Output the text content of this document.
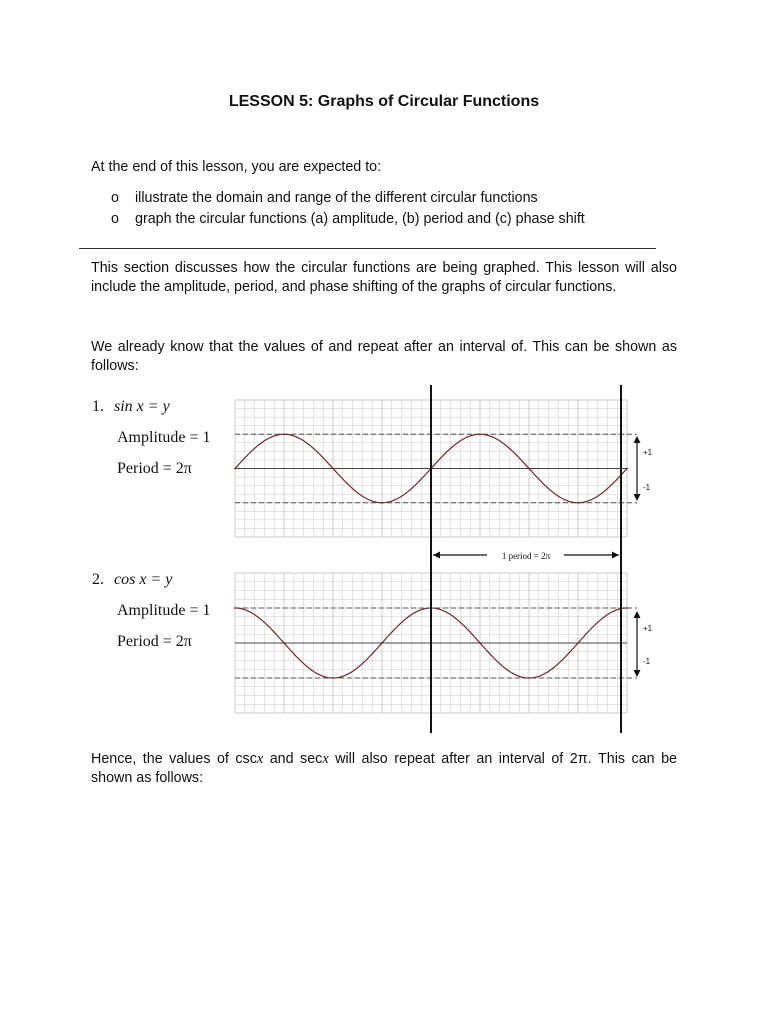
LESSON 5: Graphs of Circular Functions
At the end of this lesson, you are expected to:
o	illustrate the domain and range of the different circular functions
o	graph the circular functions (a) amplitude, (b) period and (c) phase shift
This section discusses how the circular functions are being graphed. This lesson will also include the amplitude, period, and phase shifting of the graphs of circular functions.
We already know that the values of and repeat after an interval of. This can be shown as follows:
1. sin x = y
Amplitude = 1
Period = 2π
2. cos x = y
Amplitude = 1
Period = 2π
1 period = 2π
+1
-1
+1
-1
Hence, the values of cscx and secx will also repeat after an interval of 2π. This can be shown as follows:
